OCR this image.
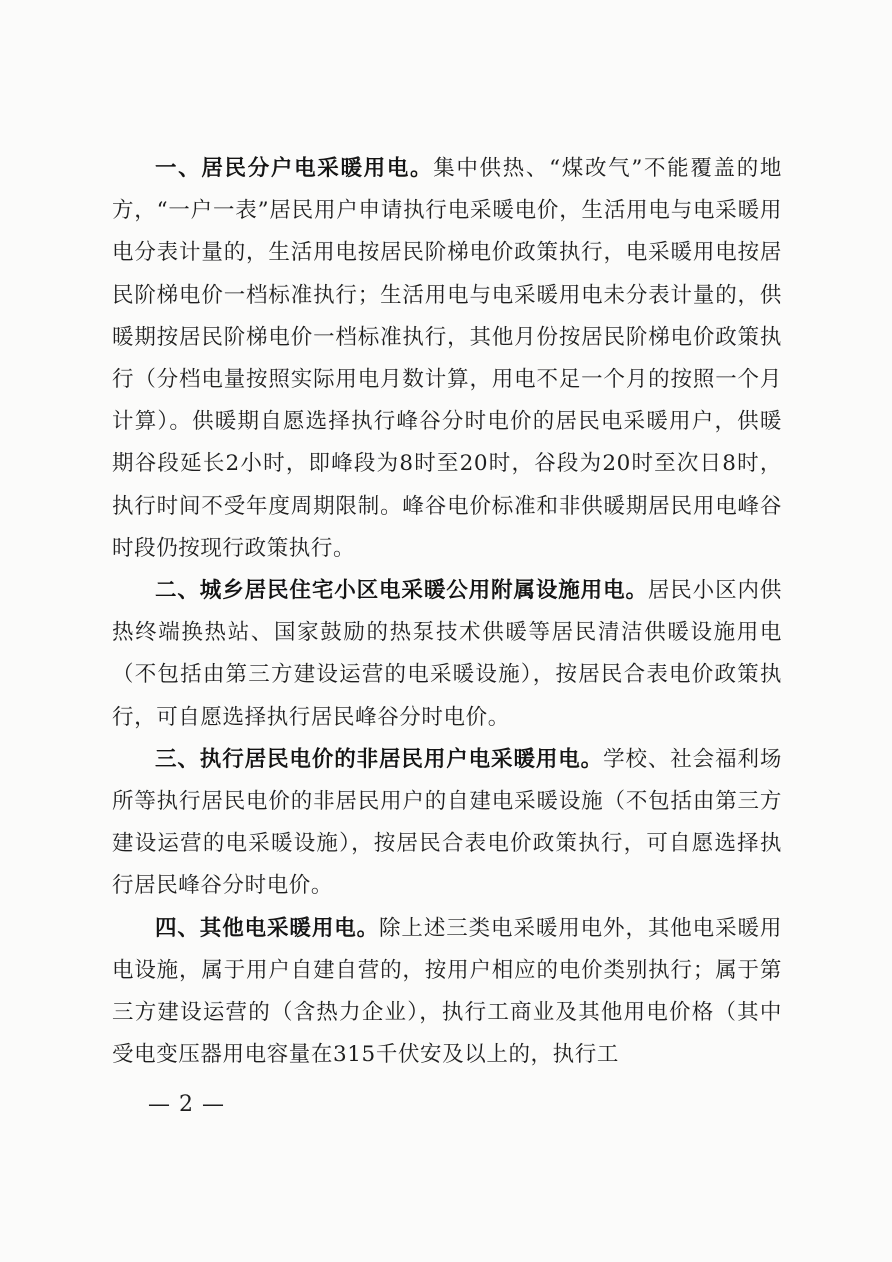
一、居民分户电采暖用电。集中供热、“煤改气”不能覆盖的地方，“一户一表”居民用户申请执行电采暖电价，生活用电与电采暖用电分表计量的，生活用电按居民阶梯电价政策执行，电采暖用电按居民阶梯电价一档标准执行；生活用电与电采暖用电未分表计量的，供暖期按居民阶梯电价一档标准执行，其他月份按居民阶梯电价政策执行（分档电量按照实际用电月数计算，用电不足一个月的按照一个月计算）。供暖期自愿选择执行峰谷分时电价的居民电采暖用户，供暖期谷段延长2小时，即峰段为8时至20时，谷段为20时至次日8时，执行时间不受年度周期限制。峰谷电价标准和非供暖期居民用电峰谷时段仍按现行政策执行。

二、城乡居民住宅小区电采暖公用附属设施用电。居民小区内供热终端换热站、国家鼓励的热泵技术供暖等居民清洁供暖设施用电（不包括由第三方建设运营的电采暖设施），按居民合表电价政策执行，可自愿选择执行居民峰谷分时电价。

三、执行居民电价的非居民用户电采暖用电。学校、社会福利场所等执行居民电价的非居民用户的自建电采暖设施（不包括由第三方建设运营的电采暖设施），按居民合表电价政策执行，可自愿选择执行居民峰谷分时电价。

四、其他电采暖用电。除上述三类电采暖用电外，其他电采暖用电设施，属于用户自建自营的，按用户相应的电价类别执行；属于第三方建设运营的（含热力企业），执行工商业及其他用电价格（其中受电变压器用电容量在315千伏安及以上的，执行工

— 2 —
